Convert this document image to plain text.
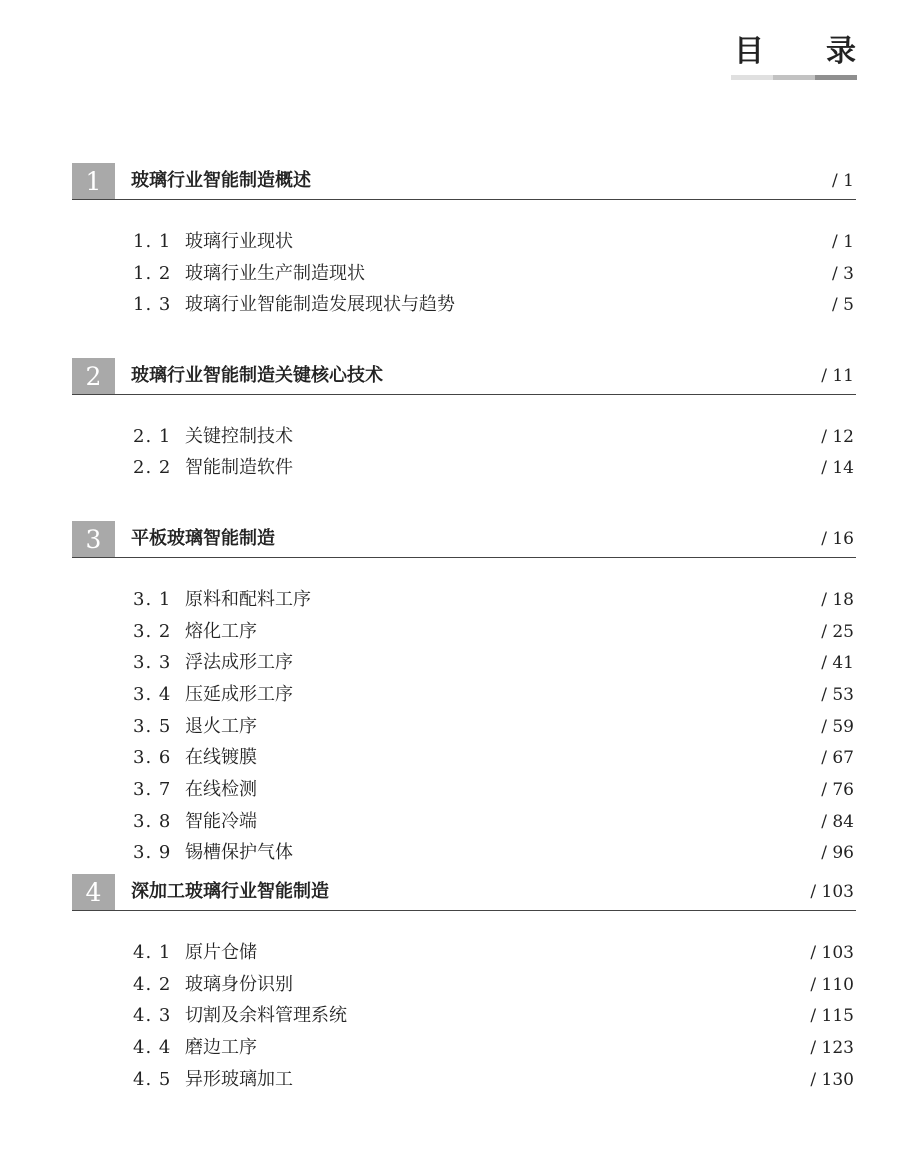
目 录
1	玻璃行业智能制造概述	/ 1
1. 1 玻璃行业现状	/ 1
1. 2 玻璃行业生产制造现状	/ 3
1. 3 玻璃行业智能制造发展现状与趋势	/ 5
2	玻璃行业智能制造关键核心技术	/ 11
2. 1 关键控制技术	/ 12
2. 2 智能制造软件	/ 14
3	平板玻璃智能制造	/ 16
3. 1 原料和配料工序	/ 18
3. 2 熔化工序	/ 25
3. 3 浮法成形工序	/ 41
3. 4 压延成形工序	/ 53
3. 5 退火工序	/ 59
3. 6 在线镀膜	/ 67
3. 7 在线检测	/ 76
3. 8 智能冷端	/ 84
3. 9 锡槽保护气体	/ 96
4	深加工玻璃行业智能制造	/ 103
4. 1 原片仓储	/ 103
4. 2 玻璃身份识别	/ 110
4. 3 切割及余料管理系统	/ 115
4. 4 磨边工序	/ 123
4. 5 异形玻璃加工	/ 130
